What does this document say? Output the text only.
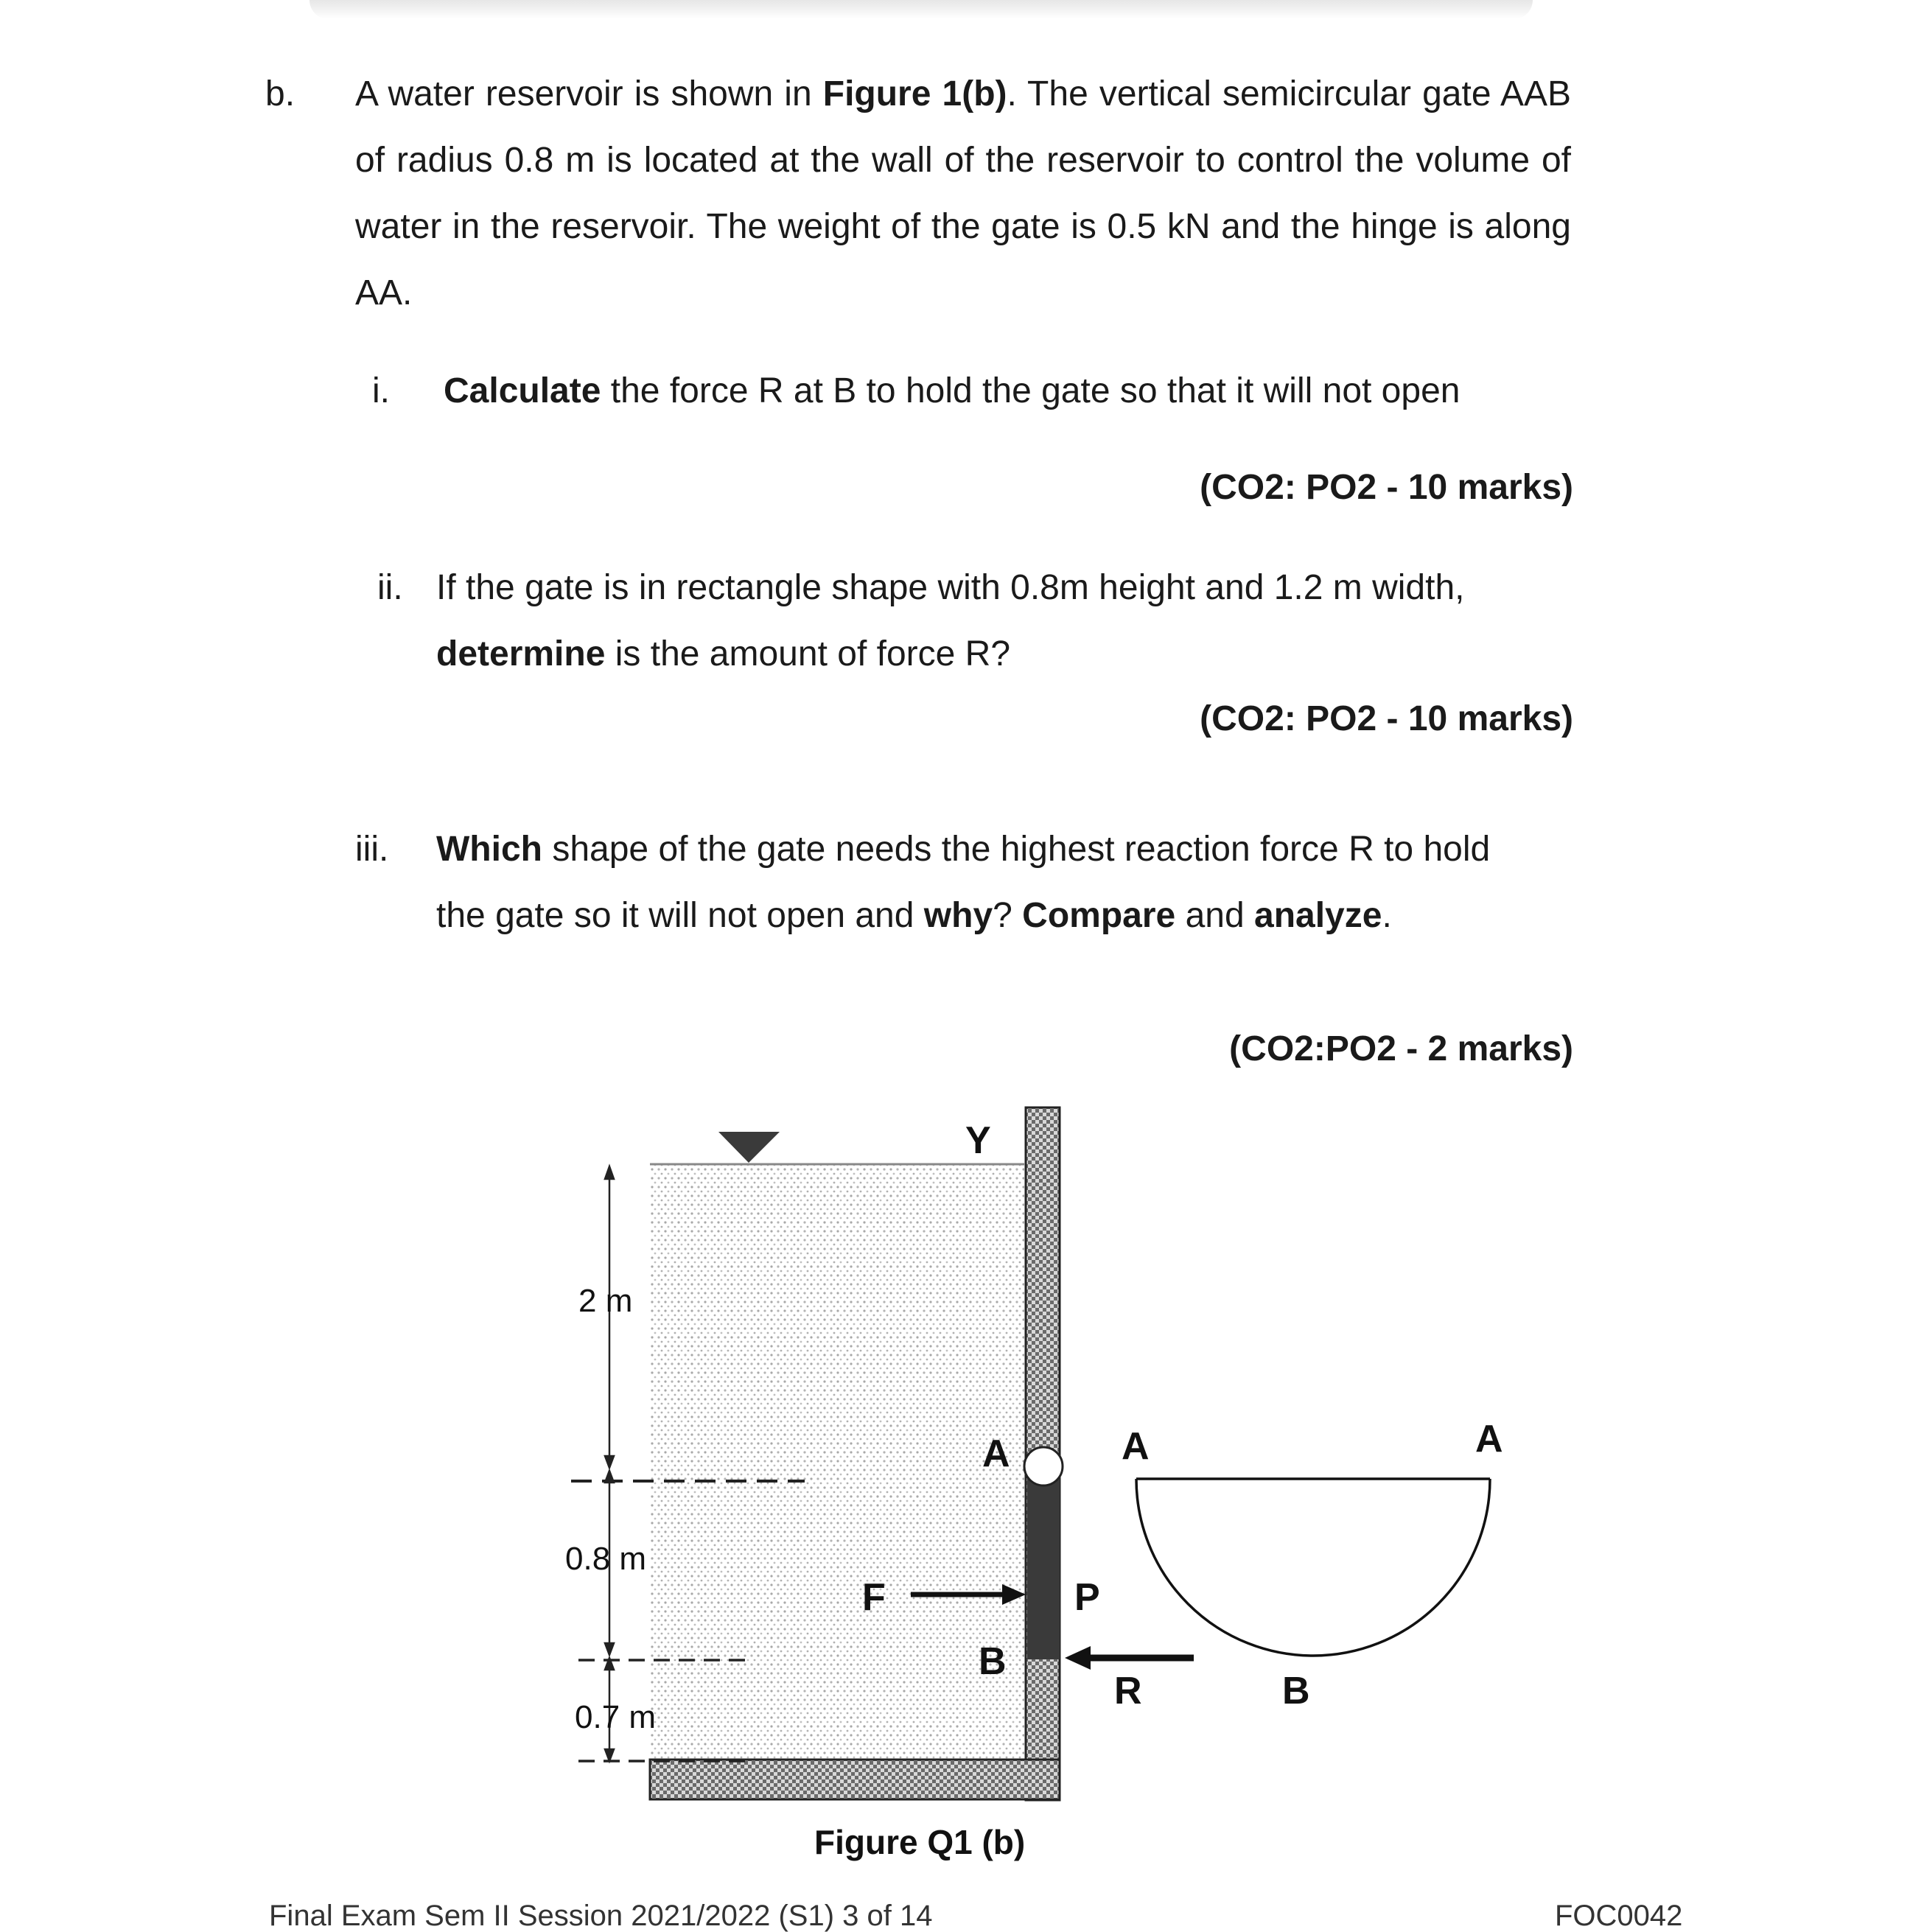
b. A water reservoir is shown in Figure 1(b). The vertical semicircular gate AAB of radius 0.8 m is located at the wall of the reservoir to control the volume of water in the reservoir. The weight of the gate is 0.5 kN and the hinge is along AA.
i. Calculate the force R at B to hold the gate so that it will not open
(CO2: PO2 - 10 marks)
ii. If the gate is in rectangle shape with 0.8m height and 1.2 m width,
determine is the amount of force R?
(CO2: PO2 - 10 marks)
iii. Which shape of the gate needs the highest reaction force R to hold
the gate so it will not open and why? Compare and analyze.
(CO2:PO2 - 2 marks)
Y
2 m
0.8 m
0.7 m
A
B
F	P
R
A	A
B
Figure Q1 (b)
Final Exam Sem II Session 2021/2022 (S1) 3 of 14	FOC0042
